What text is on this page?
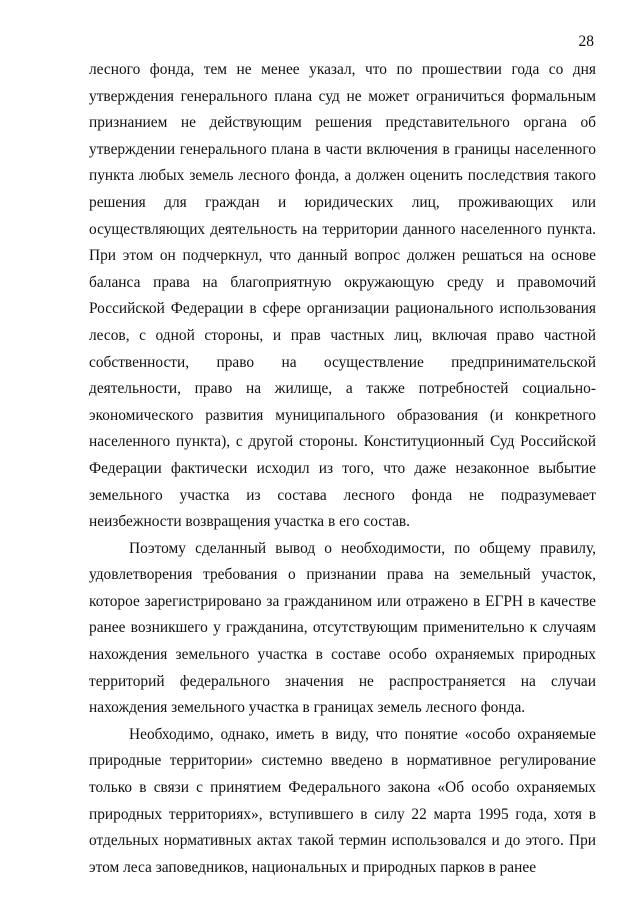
28

лесного фонда, тем не менее указал, что по прошествии года со дня утверждения генерального плана суд не может ограничиться формальным признанием не действующим решения представительного органа об утверждении генерального плана в части включения в границы населенного пункта любых земель лесного фонда, а должен оценить последствия такого решения для граждан и юридических лиц, проживающих или осуществляющих деятельность на территории данного населенного пункта. При этом он подчеркнул, что данный вопрос должен решаться на основе баланса права на благоприятную окружающую среду и правомочий Российской Федерации в сфере организации рационального использования лесов, с одной стороны, и прав частных лиц, включая право частной собственности, право на осуществление предпринимательской деятельности, право на жилище, а также потребностей социально-экономического развития муниципального образования (и конкретного населенного пункта), с другой стороны. Конституционный Суд Российской Федерации фактически исходил из того, что даже незаконное выбытие земельного участка из состава лесного фонда не подразумевает неизбежности возвращения участка в его состав.

Поэтому сделанный вывод о необходимости, по общему правилу, удовлетворения требования о признании права на земельный участок, которое зарегистрировано за гражданином или отражено в ЕГРН в качестве ранее возникшего у гражданина, отсутствующим применительно к случаям нахождения земельного участка в составе особо охраняемых природных территорий федерального значения не распространяется на случаи нахождения земельного участка в границах земель лесного фонда.

Необходимо, однако, иметь в виду, что понятие «особо охраняемые природные территории» системно введено в нормативное регулирование только в связи с принятием Федерального закона «Об особо охраняемых природных территориях», вступившего в силу 22 марта 1995 года, хотя в отдельных нормативных актах такой термин использовался и до этого. При этом леса заповедников, национальных и природных парков в ранее
